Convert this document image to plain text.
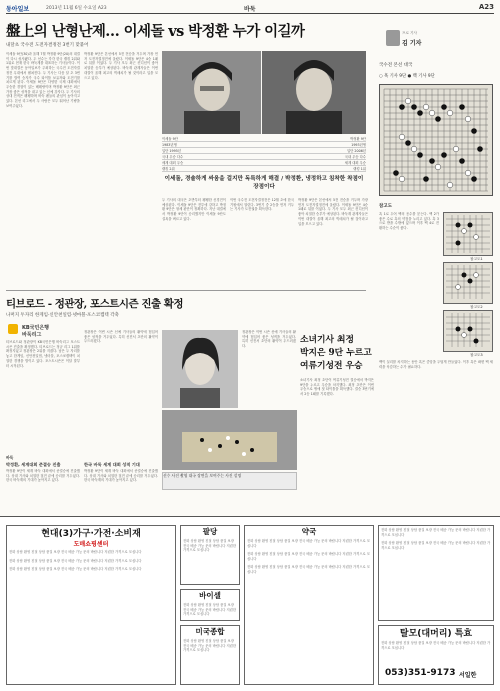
동아일보	2013년 11월 6일 수요일 A23	바둑	A23
盤上의 난형난제… 이세돌 vs 박정환 누가 이길까
내달초 국수전 도전자결정전 3번기 맞붙어
이세돌 9단(30)과 올해 7월 박정환 9단(20)의 대결이 다시 성사됐다. 두 선수는 각각 한국 랭킹 2위와 1위로 현재 한국 바둑계를 대표하는 기사들이다. 이번 맞대결은 동아일보가 주최하는 국수전 도전자결정전 무대에서 펼쳐진다. 두 기사는 다음 달 초 3번기를 벌여 승자가 국수 타이틀 보유자와 도전기를 치르게 된다. 이세돌 9단은 다양한 국제 대회에서 우승한 경험이 있는 베테랑이며 박정환 9단은 최근 가장 좋은 성적을 내고 있는 신예 강자다. 두 기사의 상대 전적은 팽팽하며 바둑 팬들의 관심이 높아지고 있다. 본선 리그에서 두 사람은 모두 뛰어난 기량을 보여주었다.
박정환 9단은 본선에서 5전 전승을 거두며 가장 먼저 도전자결정전에 올랐다. 이세돌 9단은 4승 1패로 뒤를 이었다. 두 기사 모두 최근 컨디션이 좋아 치열한 승부가 예상된다. 바둑계 관계자들은 이번 대결이 올해 최고의 빅매치가 될 것이라고 입을 모으고 있다.
이세돌 9단	박정환 9단
1983년생	1993년생
입단 1995년	입단 2006년
국내 우승 다수	국내 우승 다수
세계 대회 우승	세계 대회 우승
랭킹 2위	랭킹 1위
이세돌, 경솔하게 싸움을 걸지만 독특하게 해결 / 박정환, 냉정하고 침착한 착점이 장점이다
두 기사의 대국은 초반부터 팽팽한 신경전이 예상된다. 이세돌 9단은 전투에 강하고 박정환 9단은 형세 판단이 정확하다. 지난 대결에서 박정환 9단이 승리했지만 이세돌 9단도 설욕을 벼르고 있다.
이번 국수전 도전자결정전은 12월 초에 한국기원에서 열린다. 3번기 중 2승을 먼저 거두는 기사가 도전권을 획득한다.
박정환 9단은 본선에서 5전 전승을 거두며 가장 먼저 도전자결정전에 올랐다. 이세돌 9단은 4승 1패로 뒤를 이었다. 두 기사 모두 최근 컨디션이 좋아 치열한 승부가 예상된다. 바둑계 관계자들은 이번 대결이 올해 최고의 빅매치가 될 것이라고 입을 모으고 있다.
프로 기사
김 기자
국수전 본선 대국
○ 흑 기사 9단 ● 백 기사 9단
참고도
흑 1로 두어 백의 응수를 묻는다. 백 2가 좋은 수로 흑의 약점을 노리고 있다. 흑 3으로 받을 수밖에 없으며 이후 백 4로 전환하는 수순이 좋다.
참고도1
참고도2
참고도3
백이 실리를 차지하는 동안 흑은 중앙을 두텁게 만들었다. 이후 흑은 좌변 백 세력을 삭감하는 수가 필요하다.
티브로드 - 정관장, 포스트시즌 진출 확정
나머지 두자리 한게임·신안천일염·넷마블·포스코켐텍 각축
KB국민은행
바둑리그
티브로드와 정관장이 KB국민은행 바둑리그 포스트시즌 진출을 확정했다. 티브로드는 정규 리그 1위를 확정지었고 정관장은 2위를 지켰다. 남은 두 자리를 놓고 한게임, 신안천일염, 넷마블, 포스코켐텍이 치열한 경쟁을 벌이고 있다. 포스트시즌은 이달 말부터 시작된다.
정관장은 이번 시즌 신예 기사들의 활약에 힘입어 좋은 성적을 거두었다. 특히 신진서 초단의 활약이 두드러졌다.
정관장은 이번 시즌 신예 기사들의 활약에 힘입어 좋은 성적을 거두었다. 특히 신진서 초단의 활약이 두드러졌다.
선수 사진 촬영 대국 장면을 보여주는 사진 설명
소녀기사 최정
박지은 9단 누르고
여류기성전 우승
소녀기사 최정 초단이 여류기성전 결승에서 박지은 9단을 누르고 우승을 차지했다. 최정 초단은 이번 우승으로 생애 첫 타이틀을 획득했다. 결승 3번기에서 2승 1패를 기록했다.
바둑
박정환, 세계대회 준결승 진출	한국 바둑 세계 대회 성적 기대
박정환 9단이 세계 바둑 대회에서 준결승에 진출했다. 상대 기사와 치열한 접전 끝에 승리를 거두었다. 한국 바둑계의 기대가 높아지고 있다.
박정환 9단이 세계 바둑 대회에서 준결승에 진출했다. 상대 기사와 치열한 접전 끝에 승리를 거두었다. 한국 바둑계의 기대가 높아지고 있다.
현대(3)가구·가전·소비재
도매쇼핑센터
전화 상담 환영 친절 상담 품질 보장 전국 배송 가능 문의 바랍니다 저렴한 가격으로 모십니다
전화 상담 환영 친절 상담 품질 보장 전국 배송 가능 문의 바랍니다 저렴한 가격으로 모십니다
전화 상담 환영 친절 상담 품질 보장 전국 배송 가능 문의 바랍니다 저렴한 가격으로 모십니다
팔당
전화 상담 환영 친절 상담 품질 보장 전국 배송 가능 문의 바랍니다 저렴한 가격으로 모십니다
바이셀
전화 상담 환영 친절 상담 품질 보장 전국 배송 가능 문의 바랍니다 저렴한 가격으로 모십니다
미국종합
전화 상담 환영 친절 상담 품질 보장 전국 배송 가능 문의 바랍니다 저렴한 가격으로 모십니다
약국
전화 상담 환영 친절 상담 품질 보장 전국 배송 가능 문의 바랍니다 저렴한 가격으로 모십니다
전화 상담 환영 친절 상담 품질 보장 전국 배송 가능 문의 바랍니다 저렴한 가격으로 모십니다
전화 상담 환영 친절 상담 품질 보장 전국 배송 가능 문의 바랍니다 저렴한 가격으로 모십니다
전화 상담 환영 친절 상담 품질 보장 전국 배송 가능 문의 바랍니다 저렴한 가격으로 모십니다
전화 상담 환영 친절 상담 품질 보장 전국 배송 가능 문의 바랍니다 저렴한 가격으로 모십니다
탈모(대머리) 특효
전화 상담 환영 친절 상담 품질 보장 전국 배송 가능 문의 바랍니다 저렴한 가격으로 모십니다
053)351-9173 서일한
